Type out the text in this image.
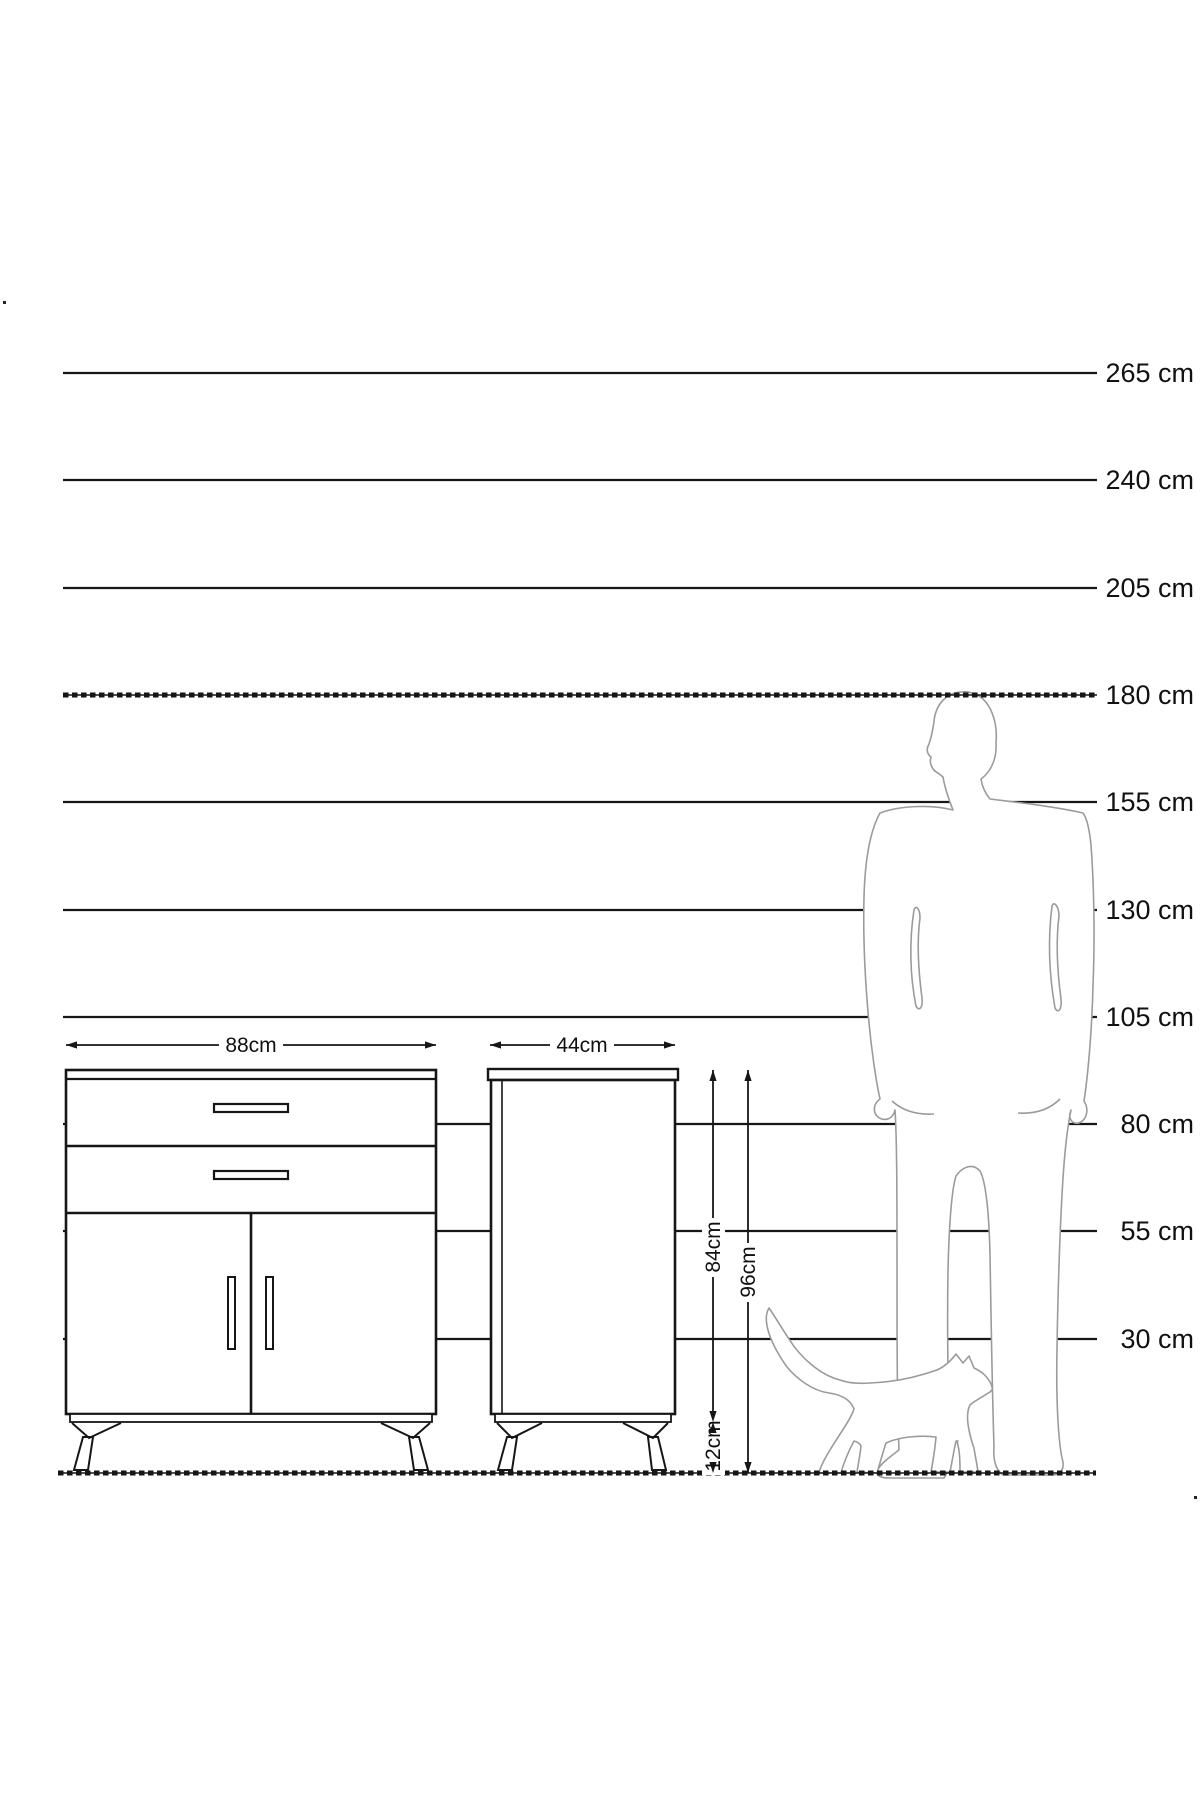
88cm	44cm
84cm 96cm
12cm
265 cm
240 cm
205 cm
180 cm
155 cm
130 cm
105 cm
80 cm
55 cm
30 cm
